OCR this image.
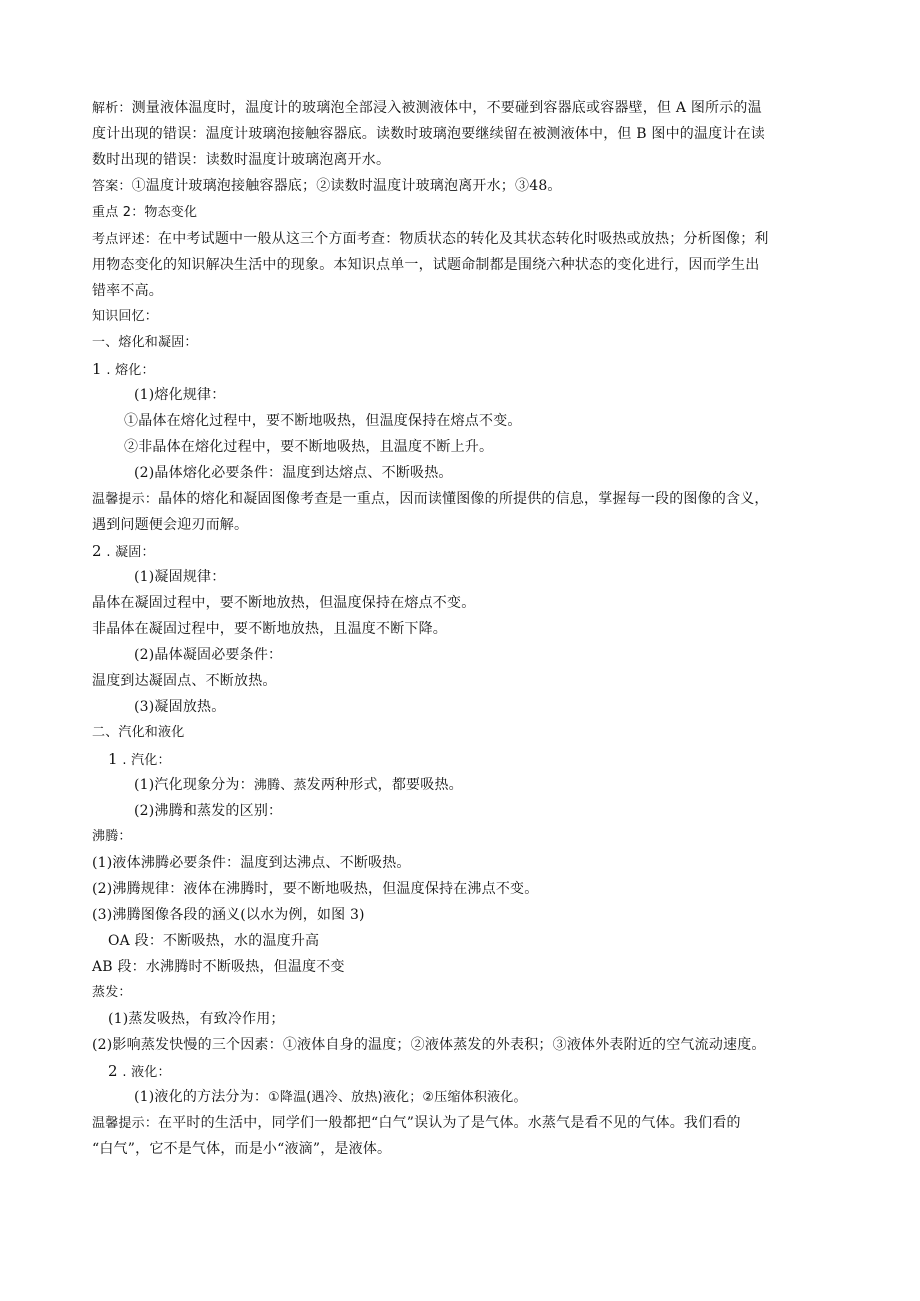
解析：测量液体温度时，温度计的玻璃泡全部浸入被测液体中，不要碰到容器底或容器壁，但 A 图所示的温
度计出现的错误：温度计玻璃泡接触容器底。读数时玻璃泡要继续留在被测液体中，但 B 图中的温度计在读
数时出现的错误：读数时温度计玻璃泡离开水。
答案：①温度计玻璃泡接触容器底；②读数时温度计玻璃泡离开水；③48。
重点 2：物态变化
考点评述：在中考试题中一般从这三个方面考查：物质状态的转化及其状态转化时吸热或放热；分析图像；利
用物态变化的知识解决生活中的现象。本知识点单一，试题命制都是围绕六种状态的变化进行，因而学生出
错率不高。
知识回忆：
一、熔化和凝固：
1 . 熔化：
(1)熔化规律：
①晶体在熔化过程中，要不断地吸热，但温度保持在熔点不变。
②非晶体在熔化过程中，要不断地吸热，且温度不断上升。
(2)晶体熔化必要条件：温度到达熔点、不断吸热。
温馨提示：晶体的熔化和凝固图像考查是一重点，因而读懂图像的所提供的信息，掌握每一段的图像的含义，
遇到问题便会迎刃而解。
2 . 凝固：
(1)凝固规律：
晶体在凝固过程中，要不断地放热，但温度保持在熔点不变。
非晶体在凝固过程中，要不断地放热，且温度不断下降。
(2)晶体凝固必要条件：
温度到达凝固点、不断放热。
(3)凝固放热。
二、汽化和液化
1 . 汽化：
(1)汽化现象分为：沸腾、蒸发两种形式，都要吸热。
(2)沸腾和蒸发的区别：
沸腾：
(1)液体沸腾必要条件：温度到达沸点、不断吸热。
(2)沸腾规律：液体在沸腾时，要不断地吸热，但温度保持在沸点不变。
(3)沸腾图像各段的涵义(以水为例，如图 3)
OA 段：不断吸热，水的温度升高
AB 段：水沸腾时不断吸热，但温度不变
蒸发：
(1)蒸发吸热，有致冷作用；
(2)影响蒸发快慢的三个因素：①液体自身的温度；②液体蒸发的外表积；③液体外表附近的空气流动速度。
2 . 液化：
(1)液化的方法分为：①降温(遇冷、放热)液化；②压缩体积液化。
温馨提示：在平时的生活中，同学们一般都把“白气”误认为了是气体。水蒸气是看不见的气体。我们看的
“白气”，它不是气体，而是小“液滴”，是液体。
